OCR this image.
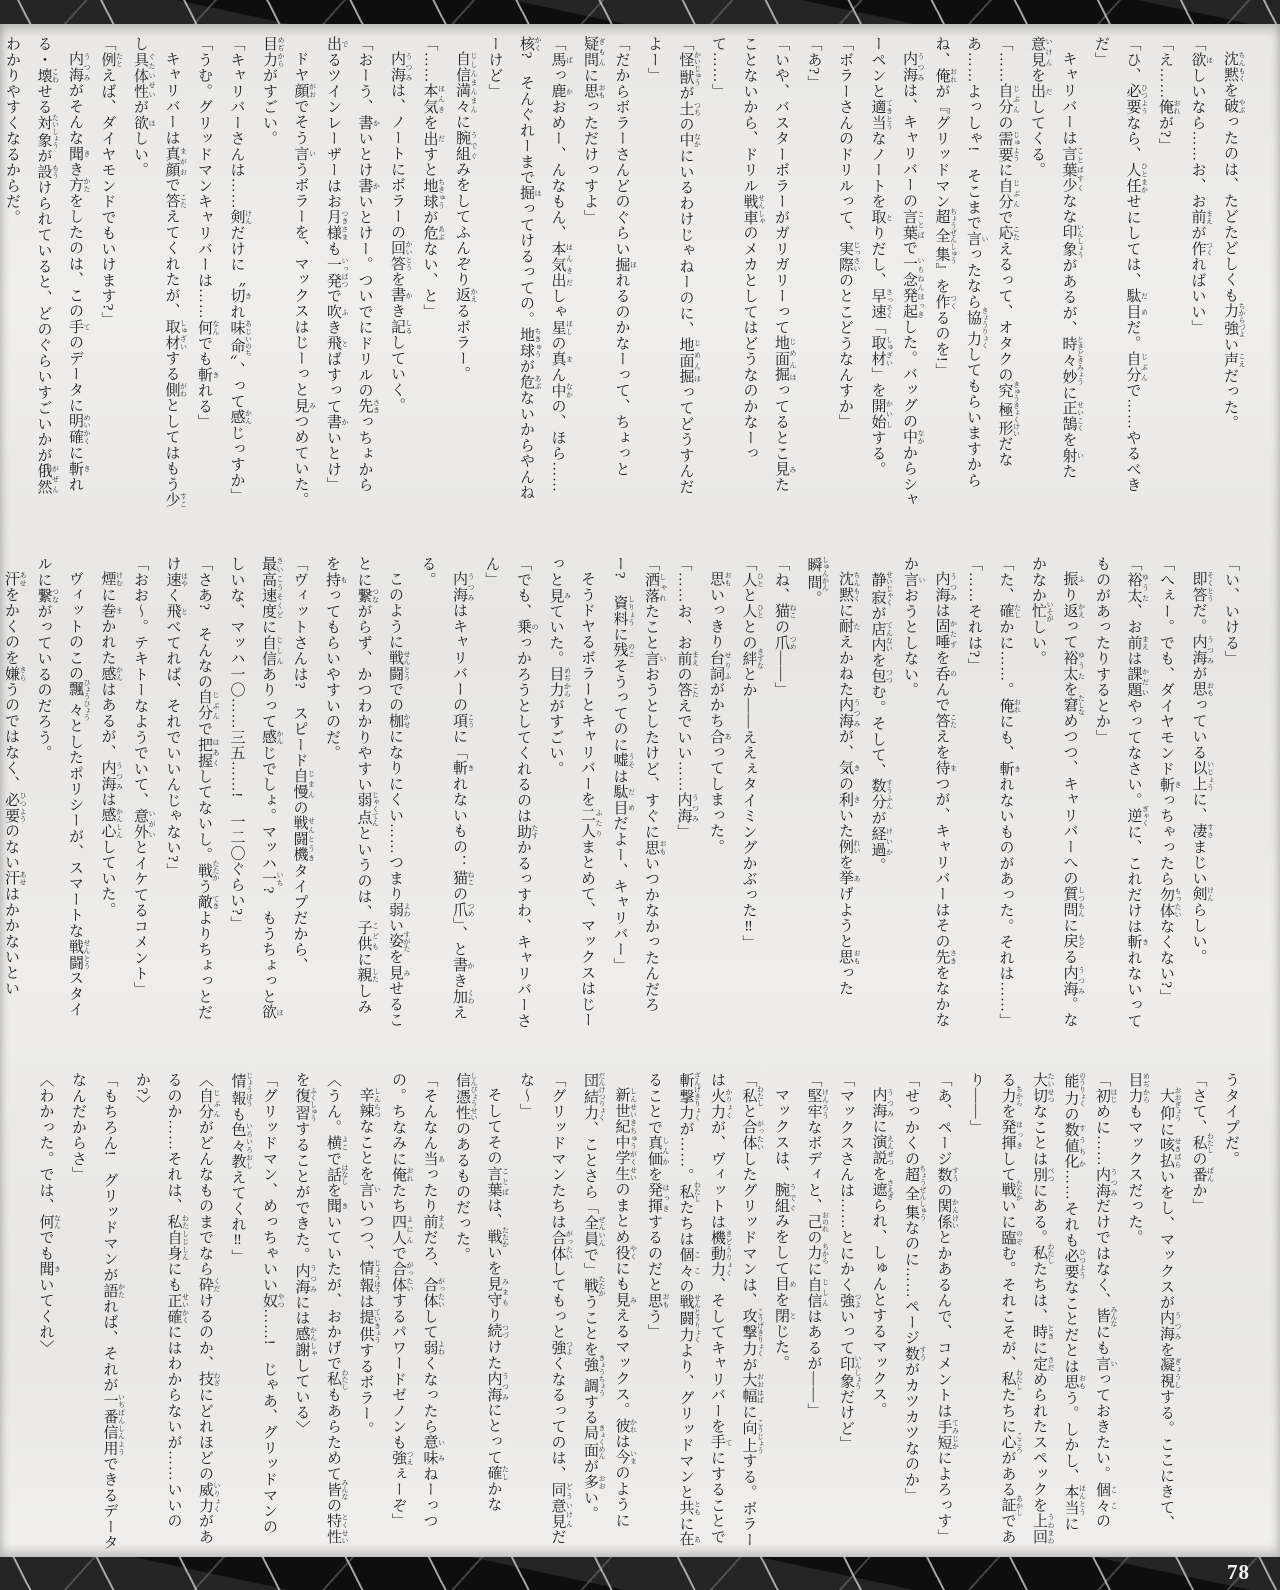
沈黙 ちんもくを破 やぶったのは、たどたどしくも力強 ちからづよい声 こえだった。

「欲 ほしいなら……お、お前 まえが作 つくればいい」

「え……俺 おれが?」

「ひ、必要 ひつようなら、人任 ひとまかせにしては、駄目 だめだ。自分 じぶんで……やるべきだ」

キャリバーは言葉少 ことばすくなな印象 いんしょうがあるが、時々妙 ときどきみょうに正鵠 せいこくを射 いた意見 いけんを出 だしてくる。

「……自分 じぶんの需要 じゅように自分 じぶんで応 こたえるって、オタクの究極形 きゅうきょくけいだなあ……よっしゃ!　そこまで言 いったなら協力 きょうりょくしてもらいますからね、俺 おれが『グリッドマン超全集 ちょうぜんしゅう』を作 つくるのを!」

内海 うつみは、キャリバーの言葉 ことばで一念発起 いちねんほっきした。バッグの中 なかからシャーペンと適当 てきとうなノートを取 とりだし、早速 さっそく「取材 しゅざい」を開始 かいしする。

「ボラーさんのドリルって、実際 じっさいのとこどうなんすか」

「あ?」

「いや、バスターボラーがガリガリーって地面掘 じめんほってるとこ見 みたことないから、ドリル戦車 せんしゃのメカとしてはどうなのかなーって……」

「怪獣 かいじゅうが土 つちの中 なかにいるわけじゃねーのに、地面掘 じめんほってどうすんだよー」

「だからボラーさんどのぐらい掘 ほれるのかなーって、ちょっと疑問 ぎもんに思 おもっただけっすよ」

「馬 ばっ鹿 かおめー、んなもん、本気出 ほんきだしゃ星 ほしの真 まん中 なかの、ほら……核 かく?　そんぐれーまで掘 ほってけるっての。地球 ちきゅうが危 あぶないからやんねーけど」

自信満々 じしんまんまんに腕組 うでぐみをしてふんぞり返 かえるボラー。

「……本気 ほんきを出 だすと地球 ちきゅうが危 あぶない、と」

内海 うつみは、ノートにボラーの回答 かいとうを書 かき記 しるしていく。

「おーう、書 かいとけ書 かいとけー。ついでにドリルの先 さきっちょから出 でるツインレーザーはお月様 つきさまも一発 いっぱつで吹 ふき飛 とばすって書 かいとけ」

ドヤ顔 がおでそう言 いうボラーを、マックスはじーっと見 みつめていた。目力 めぢからがすごい。

「キャリバーさんは……剣 けんだけに〝切 きれ味 あじ命 いのち〟、って感 かんじっすか」

「うむ。グリッドマンキャリバーは……何 なんでも斬 きれる」

キャリバーは真顔 まがおで答 こたえてくれたが、取材 しゅざいする側 がわとしてはもう少 すこし具体性 ぐたいせいが欲 ほしい。

「例 たとえば、ダイヤモンドでもいけます?」

内海 うつみがそんな聞 きき方 かたをしたのは、この手 てのデータに明確 めいかくに斬 きれる・壊 こわせる対象 たいしょうが設 もうけられていると、どのぐらいすごいかが俄然 がぜんわかりやすくなるからだ。

「い、いける」

即答 そくとうだ。内海 うつみが思 おもっている以上 いじょうに、凄 すさまじい剣 けんらしい。

「へぇー。でも、ダイヤモンド斬 きっちゃったら勿体 もったいなくない?」

「裕太 ゆうた、お前 まえは課題 かだいやってなさい。逆 ぎゃくに、これだけは斬 きれないってものがあったりするとか」

振 ふり返 かえって裕太 ゆうたを窘 たしなめつつ、キャリバーへの質問 しつもんに戻 もどる内海 うつみ。なかなか忙 いそがしい。

「た、確 たしかに……。俺 おれにも、斬 きれないものがあった。それは……」

「……それは?」

内海 うつみは固唾 かたずを呑 のんで答 こたえを待 まつが、キャリバーはその先 さきをなかなか言 いおうとしない。

静寂 せいじゃくが店内 てんないを包 つつむ。そして、数分 すうふんが経過 けいか。

沈黙 ちんもくに耐 たえかねた内海 うつみが、気 きの利 きいた例 れいを挙 あげようと思 おもった瞬間 しゅんかん。

「ね、猫 ねこの爪 つめ――」

「人 ひとと人 ひととの絆 きずなとか――ええぇタイミングかぶった‼」

思 おもいっきり台詞 せりふがかち合 あってしまった。

「……お、お前 まえの答 こたえでいい……内海 うつみ」

「洒落 しゃれたこと言 いおうとしたけど、すぐに思 おもいつかなかったんだろー?　資料 しりょうに残 のこそうってのに嘘 うそは駄目 だめだよー、キャリバー」

そうドヤるボラーとキャリバーを二人 ふたりまとめて、マックスはじーっと見 みていた。目力 めぢからがすごい。

「でも、乗 のっかろうとしてくれるのは助 たすかるっすわ、キャリバーさん」

内海 うつみはキャリバーの項 こうに「斬 きれないもの：猫 ねこの爪 つめ」、と書 かき加 くわえる。

このように戦闘 せんとうでの枷 かせになりにくい……つまり弱 よわい姿 すがたを見 みせることに繋 つながらず、かつわかりやすい弱点 じゃくてんというのは、子供 こどもに親 したしみを持 もってもらいやすいのだ。

「ヴィットさんは?　スピード自慢 じまんの戦闘機 せんとうきタイプだから、最高速度 さいこうそくどに自信 じしんありって感 かんじでしょ。マッハ一 いち?　もうちょっと欲 ほしいな、マッハ一〇……三五……!　一二〇ぐらい?」

「さあ?　そんなの自分 じぶんで把握 はあくしてないし。戦 たたかう敵 てきよりちょっとだけ速 はやく飛 とべてれば、それでいいんじゃない?」

「おお〜。テキトーなようでいて、意外 いがいとイケてるコメント」

煙 けむに巻 まかれた感 かんはあるが、内海 うつみは感心 かんしんしていた。

ヴィットのこの飄々 ひょうひょうとしたポリシーが、スマートな戦闘 せんとうスタイルに繋 つながっているのだろう。

汗 あせをかくのを嫌 きらうのではなく、必要 ひつようのない汗 あせはかかないとい

うタイプだ。

「さて、私 わたしの番 ばんか」

大仰 おおぎょうに咳払 せきばらいをし、マックスが内海 うつみを凝視 ぎょうしする。ここにきて、目力 めぢからもマックスだった。

「初 はじめに……内海 うつみだけではなく、皆 みんなにも言 いっておきたい。個々 ここの能力 のうりょくの数値化 すうちか……それも必要 ひつようなことだとは思 おもう。しかし、本当 ほんとうに大切 たいせつなことは別 べつにある。私 わたしたちは、時 ときに定 さだめられたスペックを上回 うわまわる力 ちからを発揮 はっきして戦 たたかいに臨 のぞむ。それこそが、私 わたしたちに心 こころがある証 あかしであり――」

「あ、ページ数 すうの関係 かんけいとかあるんで、コメントは手短 てみじかによろっす」

「せっかくの超全集 ちょうぜんしゅうなのに……ページ数 すうがカツカツなのか」

内海 うつみに演説 えんぜつを遮 さえぎられ、しゅんとするマックス。

「マックスさんは……とにかく強 つよいって印象 いんしょうだけど」

「堅牢 けんろうなボディと、己 おのれの力 ちからに自信 じしんはあるが――」

マックスは、腕組 うでぐみをして目 めを閉 とじた。

「私 わたしと合体 がったいしたグリッドマンは、攻撃力 こうげきりょくが大幅 おおはばに向上 こうじょうする。ボラーは火力 かりょくが、ヴィットは機動力 きどうりょく、そしてキャリバーを手 てにすることで斬撃力 ざんげきりょくが……。私 わたしたちは個々 ここの戦闘力 せんとうりょくより、グリッドマンと共 ともに在 あることで真価 しんかを発揮 はっきするのだと思 おもう」

新世紀中学生 しんせいきちゅうがくせいのまとめ役 やくにも見 みえるマックス。彼 かれは今 いまのように団結力 だんけつりょく、ことさら「全員 ぜんいんで」戦 たたかうことを強調 きょうちょうする局面 きょくめんが多 おおい。

「グリッドマンたちは合体 がったいしてもっと強 つよくなるってのは、同意見 どういけんだな〜」

そしてその言葉 ことばは、戦 たたかいを見守 みまもり続 つづけた内海 うつみにとって確 たしかな信憑性 しんぴょうせいのあるものだった。

「そんなん当 あったり前 まえだろ、合体 がったいして弱 よわくなったら意味 いみねーっつの。ちなみに俺 おれたち四人 よにんで合体 がったいするパワードゼノンも強 つえぇーぞ」

辛辣 しんらつなことを言 いいつつ、情報 じょうほうは提供 ていきょうするボラー。

〈うん。横 よこで話 はなしを聞 きいていたが、おかげで私 わたしもあらためて皆 みんなの特性 とくせいを復習 ふくしゅうすることができた。内海 うつみには感謝 かんしゃしている〉

「グリッドマン、めっちゃいい奴 やつ……!　じゃあ、グリッドマンの情報 じょうほうも色々教 いろいろおしえてくれ‼」

〈自分 じぶんがどんなものまでなら砕 くだけるのか、技 わざにどれほどの威力 いりょくがあるのか……それは、私自身 わたしじしんにも正確 せいかくにはわからないが……いいのか?〉

「もちろん!　グリッドマンが語 かたれば、それが一番信用 いちばんしんようできるデータなんだからさ」

〈わかった。では、何 なんでも聞 きいてくれ〉

78
